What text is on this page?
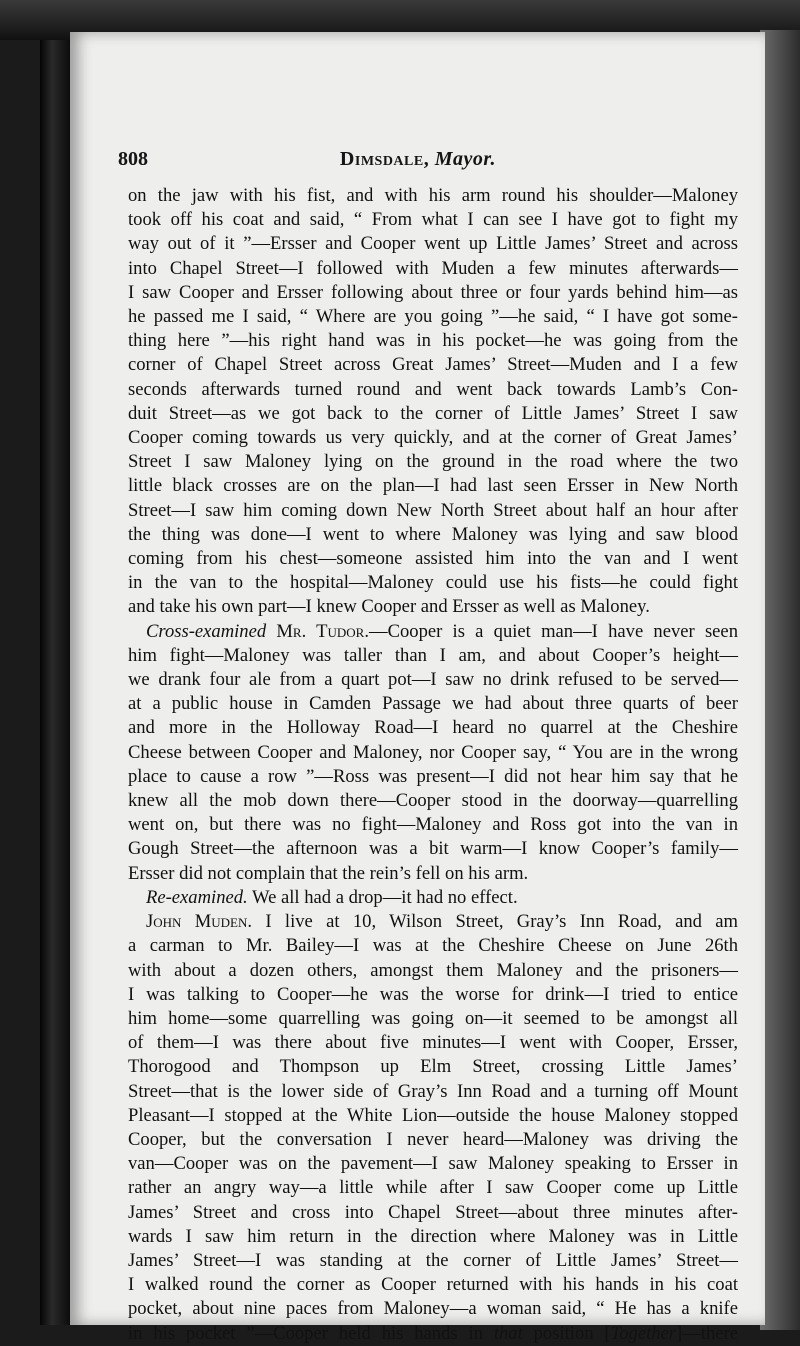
808	Dimsdale, Mayor.
on the jaw with his fist, and with his arm round his shoulder—Maloney
took off his coat and said, “ From what I can see I have got to fight my
way out of it ”—Ersser and Cooper went up Little James’ Street and across
into Chapel Street—I followed with Muden a few minutes afterwards—
I saw Cooper and Ersser following about three or four yards behind him—as
he passed me I said, “ Where are you going ”—he said, “ I have got some-
thing here ”—his right hand was in his pocket—he was going from the
corner of Chapel Street across Great James’ Street—Muden and I a few
seconds afterwards turned round and went back towards Lamb’s Con-
duit Street—as we got back to the corner of Little James’ Street I saw
Cooper coming towards us very quickly, and at the corner of Great James’
Street I saw Maloney lying on the ground in the road where the two
little black crosses are on the plan—I had last seen Ersser in New North
Street—I saw him coming down New North Street about half an hour after
the thing was done—I went to where Maloney was lying and saw blood
coming from his chest—someone assisted him into the van and I went
in the van to the hospital—Maloney could use his fists—he could fight
and take his own part—I knew Cooper and Ersser as well as Maloney.
Cross-examined Mr. Tudor.—Cooper is a quiet man—I have never seen
him fight—Maloney was taller than I am, and about Cooper’s height—
we drank four ale from a quart pot—I saw no drink refused to be served—
at a public house in Camden Passage we had about three quarts of beer
and more in the Holloway Road—I heard no quarrel at the Cheshire
Cheese between Cooper and Maloney, nor Cooper say, “ You are in the wrong
place to cause a row ”—Ross was present—I did not hear him say that he
knew all the mob down there—Cooper stood in the doorway—quarrelling
went on, but there was no fight—Maloney and Ross got into the van in
Gough Street—the afternoon was a bit warm—I know Cooper’s family—
Ersser did not complain that the rein’s fell on his arm.
Re-examined. We all had a drop—it had no effect.
John Muden. I live at 10, Wilson Street, Gray’s Inn Road, and am
a carman to Mr. Bailey—I was at the Cheshire Cheese on June 26th
with about a dozen others, amongst them Maloney and the prisoners—
I was talking to Cooper—he was the worse for drink—I tried to entice
him home—some quarrelling was going on—it seemed to be amongst all
of them—I was there about five minutes—I went with Cooper, Ersser,
Thorogood and Thompson up Elm Street, crossing Little James’
Street—that is the lower side of Gray’s Inn Road and a turning off Mount
Pleasant—I stopped at the White Lion—outside the house Maloney stopped
Cooper, but the conversation I never heard—Maloney was driving the
van—Cooper was on the pavement—I saw Maloney speaking to Ersser in
rather an angry way—a little while after I saw Cooper come up Little
James’ Street and cross into Chapel Street—about three minutes after-
wards I saw him return in the direction where Maloney was in Little
James’ Street—I was standing at the corner of Little James’ Street—
I walked round the corner as Cooper returned with his hands in his coat
pocket, about nine paces from Maloney—a woman said, “ He has a knife
in his pocket ”—Cooper held his hands in that position [Together]—there
